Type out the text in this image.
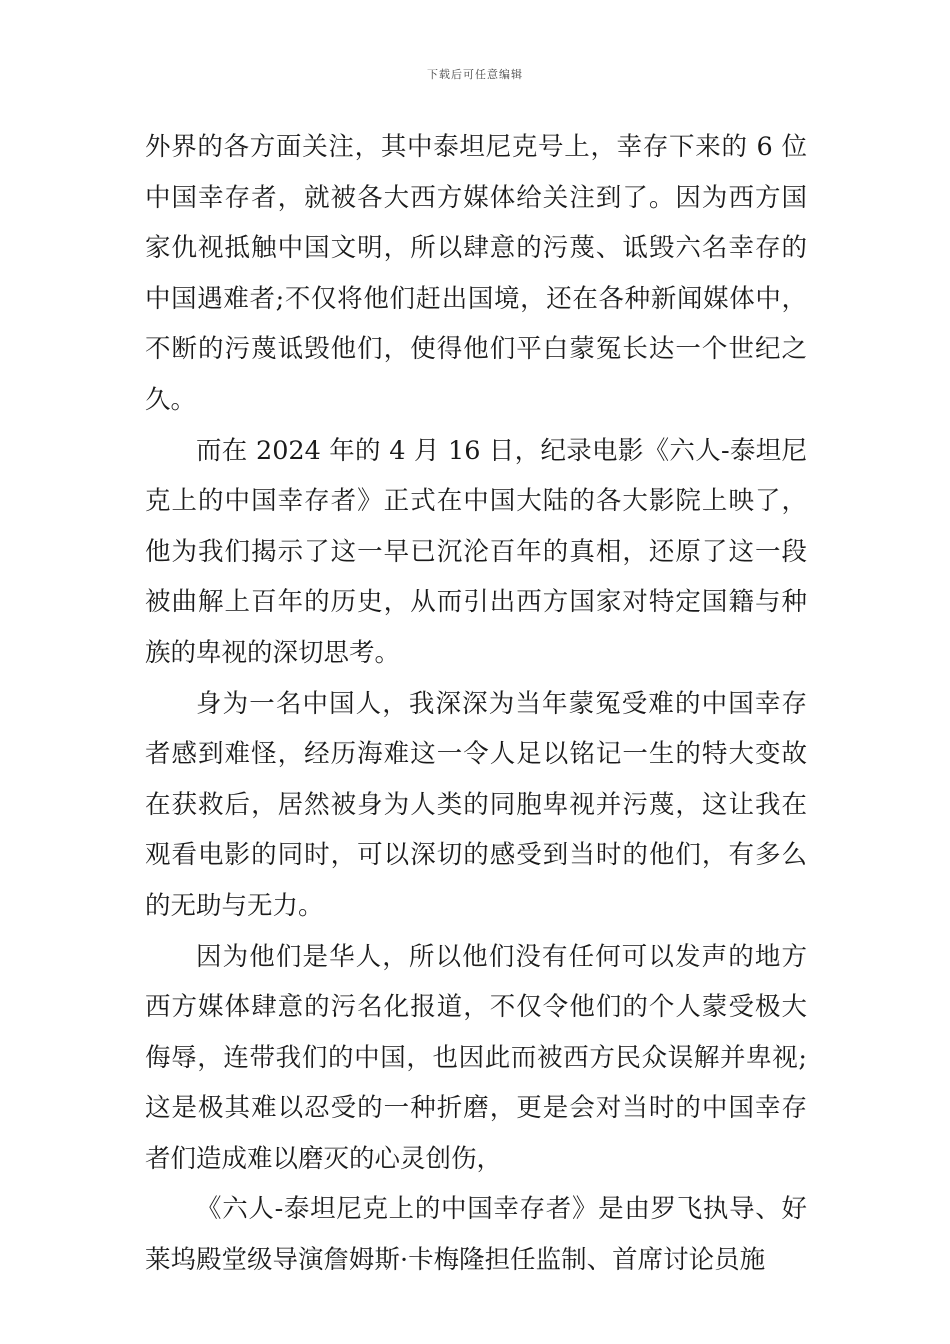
下载后可任意编辑

外界的各方面关注，其中泰坦尼克号上，幸存下来的 6 位中国幸存者，就被各大西方媒体给关注到了。因为西方国家仇视抵触中国文明，所以肆意的污蔑、诋毁六名幸存的中国遇难者;不仅将他们赶出国境，还在各种新闻媒体中，不断的污蔑诋毁他们，使得他们平白蒙冤长达一个世纪之久。

而在 2024 年的 4 月 16 日，纪录电影《六人-泰坦尼克上的中国幸存者》正式在中国大陆的各大影院上映了，他为我们揭示了这一早已沉沦百年的真相，还原了这一段被曲解上百年的历史，从而引出西方国家对特定国籍与种族的卑视的深切思考。

身为一名中国人，我深深为当年蒙冤受难的中国幸存者感到难怪，经历海难这一令人足以铭记一生的特大变故在获救后，居然被身为人类的同胞卑视并污蔑，这让我在观看电影的同时，可以深切的感受到当时的他们，有多么的无助与无力。

因为他们是华人，所以他们没有任何可以发声的地方西方媒体肆意的污名化报道，不仅令他们的个人蒙受极大侮辱，连带我们的中国，也因此而被西方民众误解并卑视;这是极其难以忍受的一种折磨，更是会对当时的中国幸存者们造成难以磨灭的心灵创伤，

《六人-泰坦尼克上的中国幸存者》是由罗飞执导、好莱坞殿堂级导演詹姆斯·卡梅隆担任监制、首席讨论员施
